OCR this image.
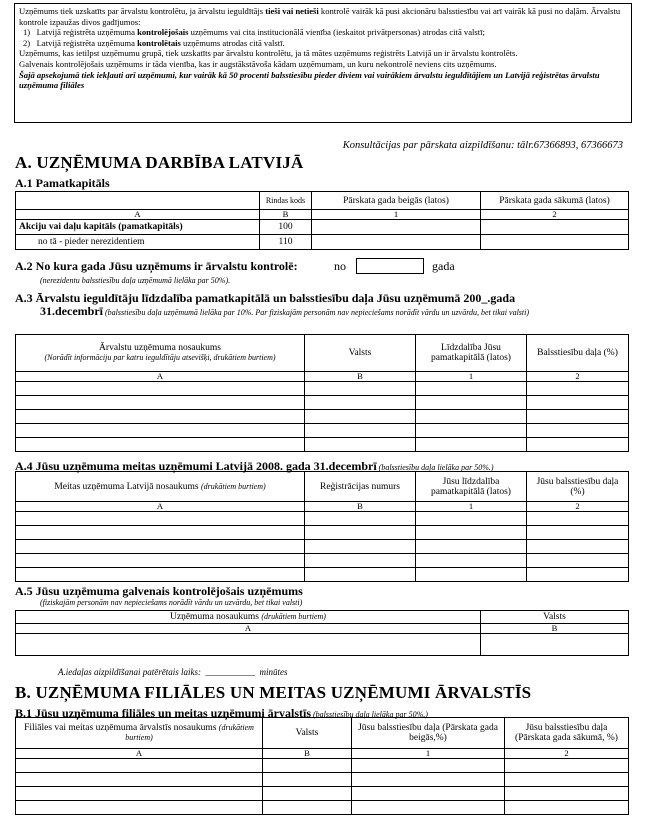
Uzņēmums tiek uzskatīts par ārvalstu kontrolētu, ja ārvalstu ieguldītājs tieši vai netieši kontrolē vairāk kā pusi akcionāru balsstiesību vai arī vairāk kā pusi no daļām. Ārvalstu kontrole izpaužas divos gadījumos:

1) Latvijā reģistrēta uzņēmuma kontrolējošais uzņēmums vai cita institucionālā vienība (ieskaitot privātpersonas) atrodas citā valstī;

2) Latvijā reģistrēta uzņēmuma kontrolētais uzņēmums atrodas citā valstī.

Uzņēmums, kas ietilpst uzņēmumu grupā, tiek uzskatīts par ārvalstu kontrolētu, ja tā mātes uzņēmums reģistrēts Latvijā un ir ārvalstu kontrolēts.

Galvenais kontrolējošais uzņēmums ir tāda vienība, kas ir augstākstāvoša kādam uzņēmumam, un kuru nekontrolē neviens cits uzņēmums.

Šajā apsekojumā tiek iekļauti arī uzņēmumi, kur vairāk kā 50 procenti balsstiesību pieder diviem vai vairākiem ārvalstu ieguldītājiem un Latvijā reģistrētas ārvalstu uzņēmuma filiāles

Konsultācijas par pārskata aizpildīšanu: tālr.67366893, 67366673
A. UZŅĒMUMA DARBĪBA LATVIJĀ
A.1 Pamatkapitāls
	Rindas kods	Pārskata gada beigās (latos)	Pārskata gada sākumā (latos)
A	B	1	2
Akciju vai daļu kapitāls (pamatkapitāls)	100		
no tā - pieder nerezidentiem	110		
A.2 No kura gada Jūsu uzņēmums ir ārvalstu kontrolē:	no	gada
(nerezidentu balsstiesību daļa uzņēmumā lielāka par 50%).
A.3 Ārvalstu ieguldītāju līdzdalība pamatkapitālā un balsstiesību daļa Jūsu uzņēmumā 200_.gada
31.decembrī (balsstiesību daļa uzņēmumā lielāka par 10%. Par fiziskajām personām nav nepieciešams norādīt vārdu un uzvārdu, bet tikai valsti)
Ārvalstu uzņēmuma nosaukums
(Norādīt informāciju par katru ieguldītāju atsevišķi, drukātiem burtiem)	Valsts	Līdzdalība Jūsu pamatkapitālā (latos)	Balsstiesību daļa (%)
A	B	1	2

A.4 Jūsu uzņēmuma meitas uzņēmumi Latvijā 2008. gada 31.decembrī (balsstiesību daļa lielāka par 50%.)
Meitas uzņēmuma Latvijā nosaukums (drukātiem burtiem)	Reģistrācijas numurs	Jūsu līdzdalība pamatkapitālā (latos)	Jūsu balsstiesību daļa (%)
A	B	1	2

A.5 Jūsu uzņēmuma galvenais kontrolējošais uzņēmums
(fiziskajām personām nav nepieciešams norādīt vārdu un uzvārdu, bet tikai valsti)
Uzņēmuma nosaukums (drukātiem burtiem)	Valsts
A	B

A.iedaļas aizpildīšanai patērētais laiks: ___________ minūtes
B. UZŅĒMUMA FILIĀLES UN MEITAS UZŅĒMUMI ĀRVALSTĪS
B.1 Jūsu uzņēmuma filiāles un meitas uzņēmumi ārvalstīs (balsstiesību daļa lielāka par 50%.)
Filiāles vai meitas uzņēmuma ārvalstīs nosaukums (drukātiem burtiem)	Valsts	Jūsu balsstiesību daļa (Pārskata gada beigās,%)	Jūsu balsstiesību daļa (Pārskata gada sākumā, %)
A	B	1	2
